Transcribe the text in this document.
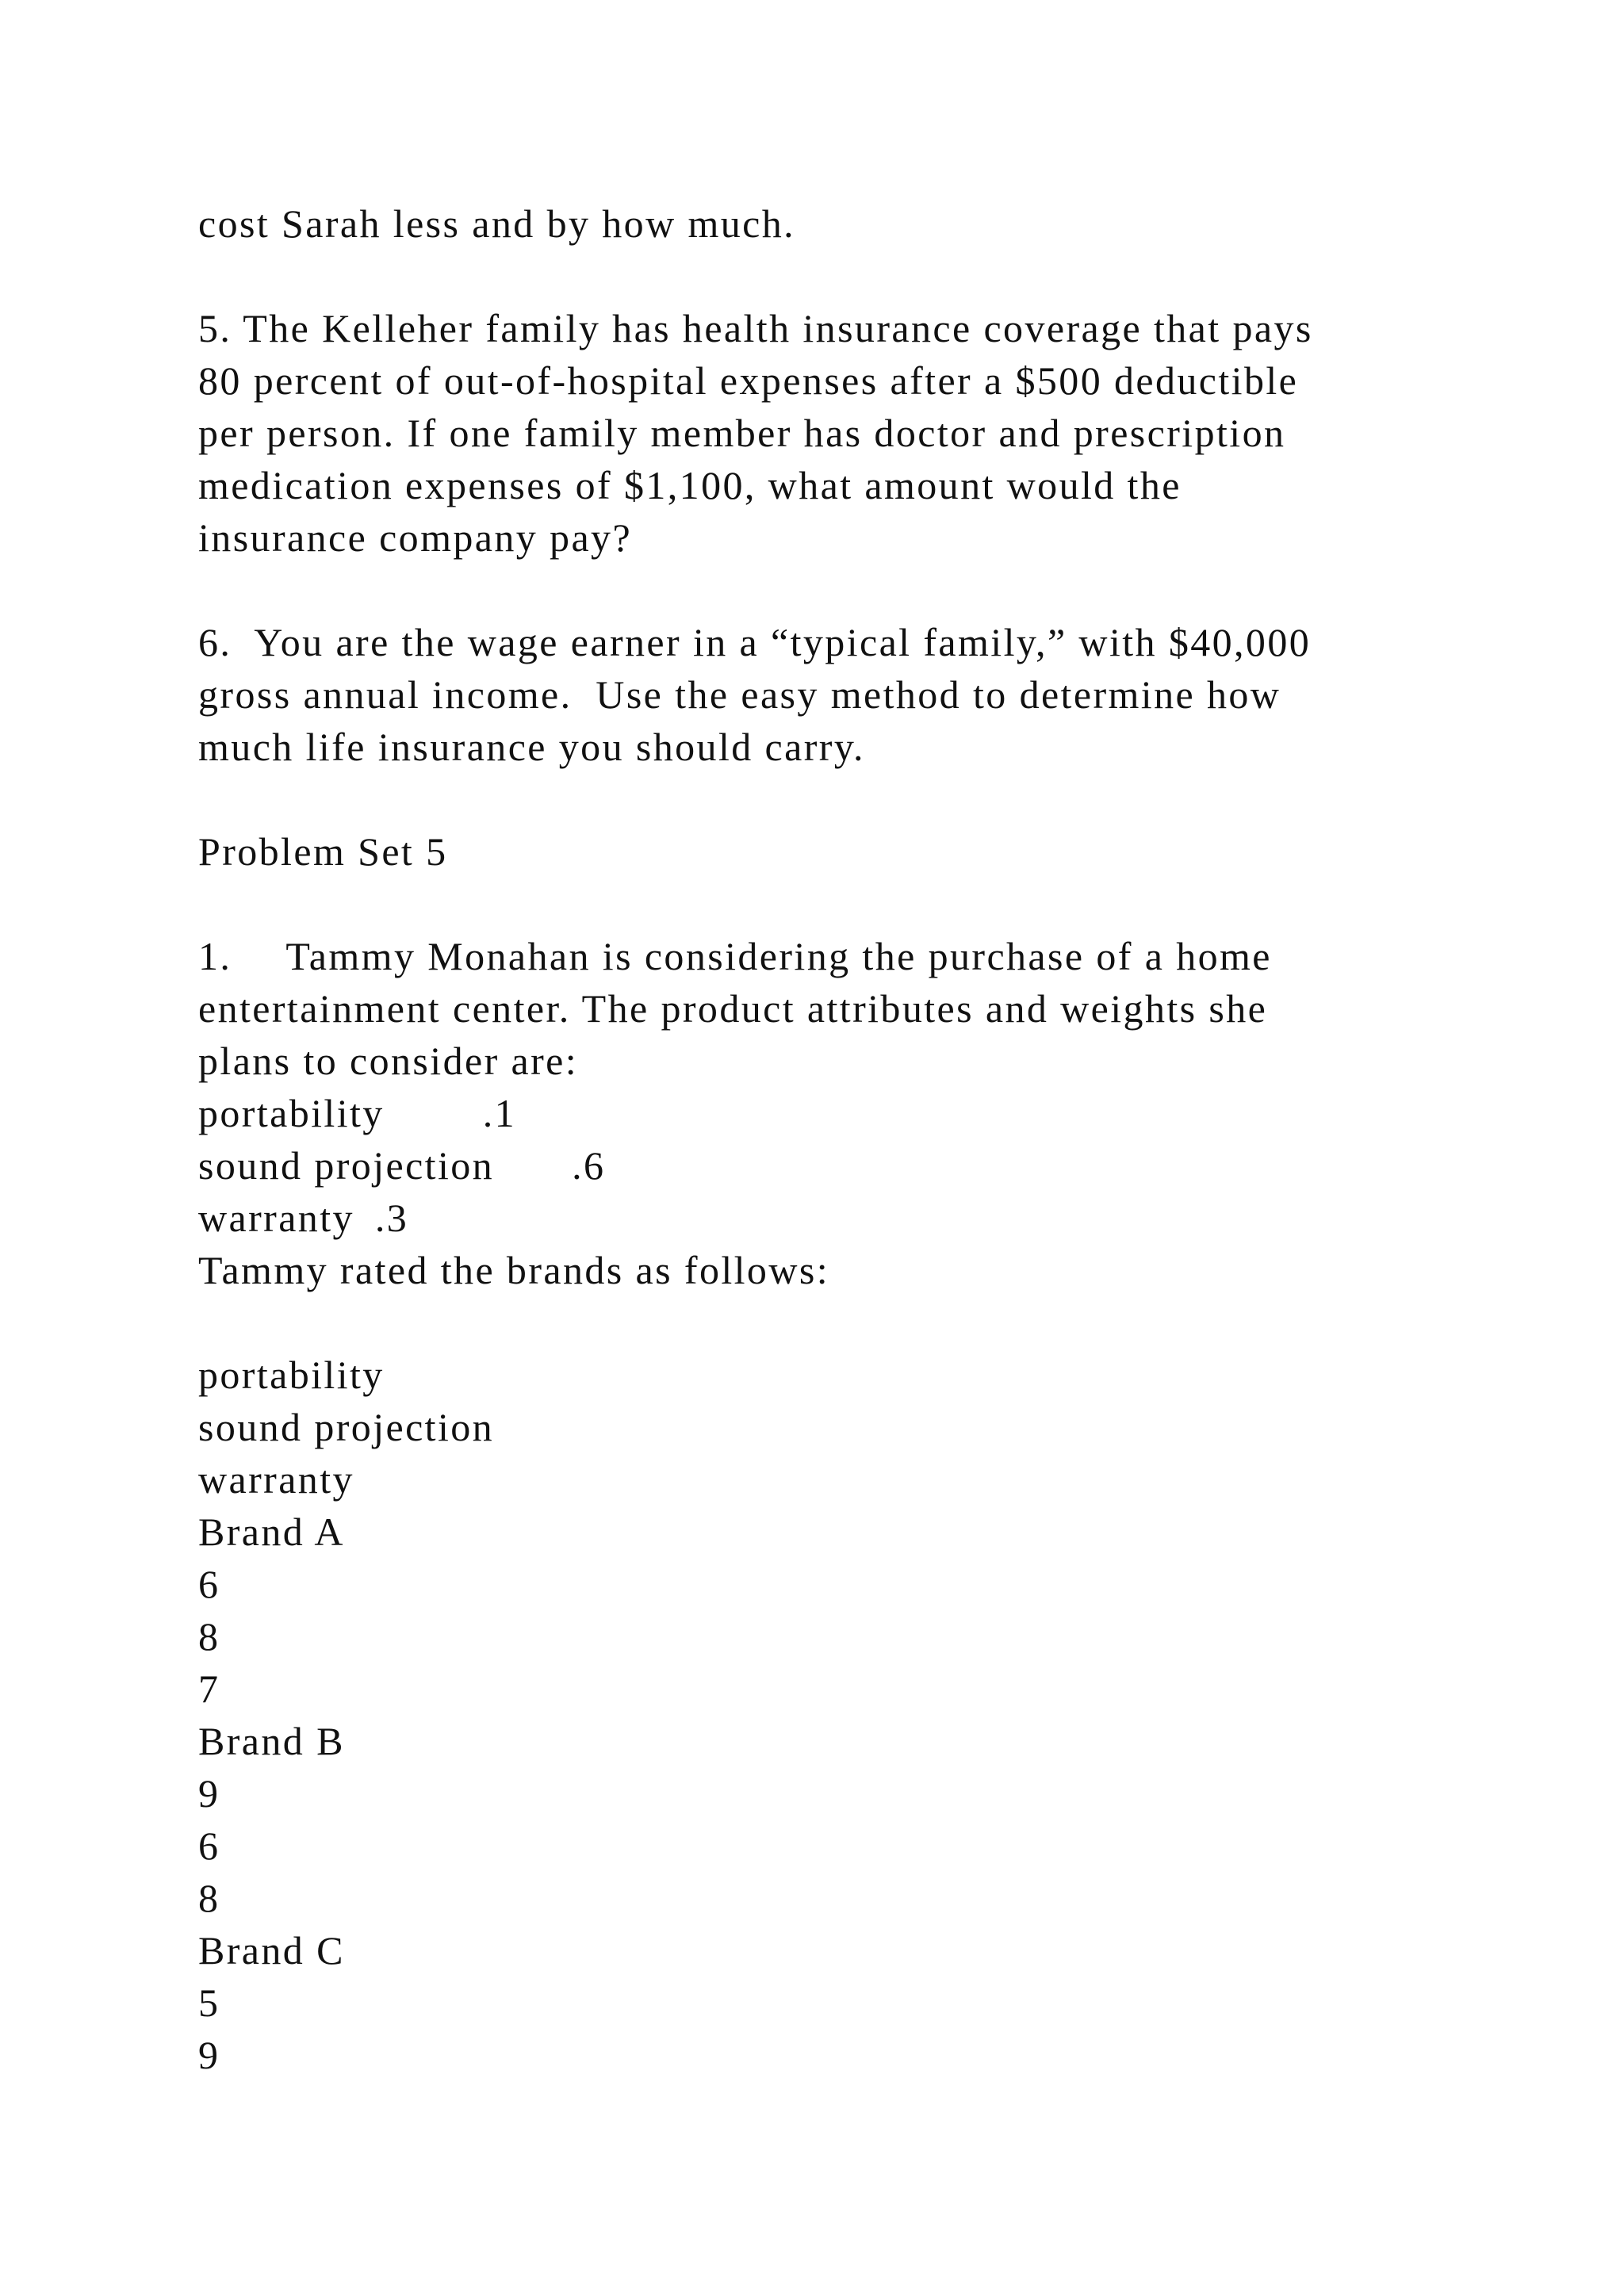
cost Sarah less and by how much.
5. The Kelleher family has health insurance coverage that pays
80 percent of out-of-hospital expenses after a $500 deductible
per person. If one family member has doctor and prescription
medication expenses of $1,100, what amount would the
insurance company pay?
6.  You are the wage earner in a “typical family,” with $40,000
gross annual income.  Use the easy method to determine how
much life insurance you should carry.
Problem Set 5
1. Tammy Monahan is considering the purchase of a home
entertainment center. The product attributes and weights she
plans to consider are:
portability .1
sound projection .6
warranty .3
Tammy rated the brands as follows:
portability
sound projection
warranty
Brand A
6
8
7
Brand B
9
6
8
Brand C
5
9
